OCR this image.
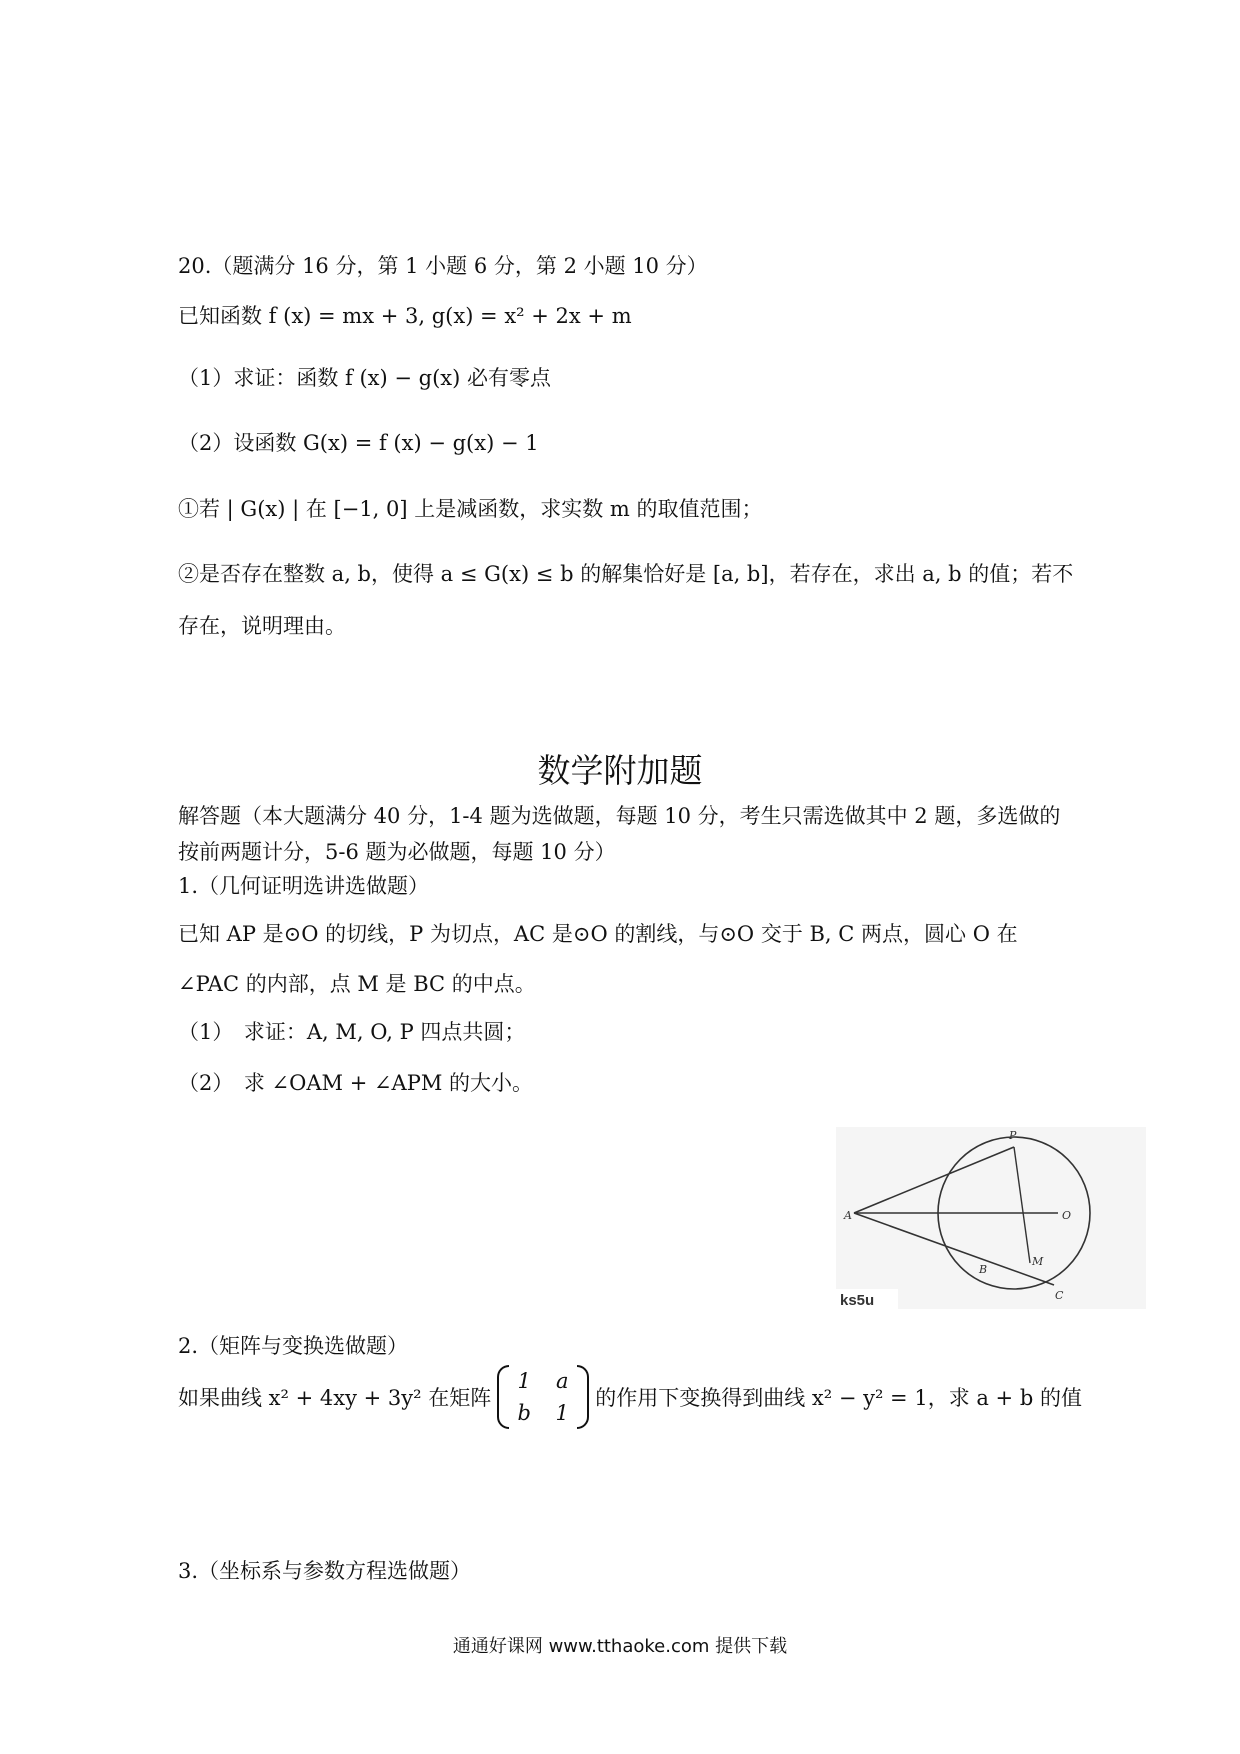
20.（题满分 16 分，第 1 小题 6 分，第 2 小题 10 分）
已知函数 f (x) = mx + 3, g(x) = x² + 2x + m
（1）求证：函数 f (x) − g(x) 必有零点
（2）设函数 G(x) = f (x) − g(x) − 1
①若 | G(x) | 在 [−1, 0] 上是减函数，求实数 m 的取值范围；
②是否存在整数 a, b，使得 a ≤ G(x) ≤ b 的解集恰好是 [a, b]，若存在，求出 a, b 的值；若不
存在，说明理由。
数学附加题
解答题（本大题满分 40 分，1-4 题为选做题，每题 10 分，考生只需选做其中 2 题，多选做的按前两题计分，5-6 题为必做题，每题 10 分）
1.（几何证明选讲选做题）
已知 AP 是⊙O 的切线，P 为切点，AC 是⊙O 的割线，与⊙O 交于 B, C 两点，圆心 O 在
∠PAC 的内部，点 M 是 BC 的中点。
（1）　求证：A, M, O, P 四点共圆；
（2）　求 ∠OAM + ∠APM 的大小。
A
P
O
B
M
C
ks5u
2.（矩阵与变换选做题）
如果曲线 x² + 4xy + 3y² 在矩阵
1 a
b 1
的作用下变换得到曲线 x² − y² = 1，求 a + b 的值
3.（坐标系与参数方程选做题）
通通好课网 www.tthaoke.com 提供下载
